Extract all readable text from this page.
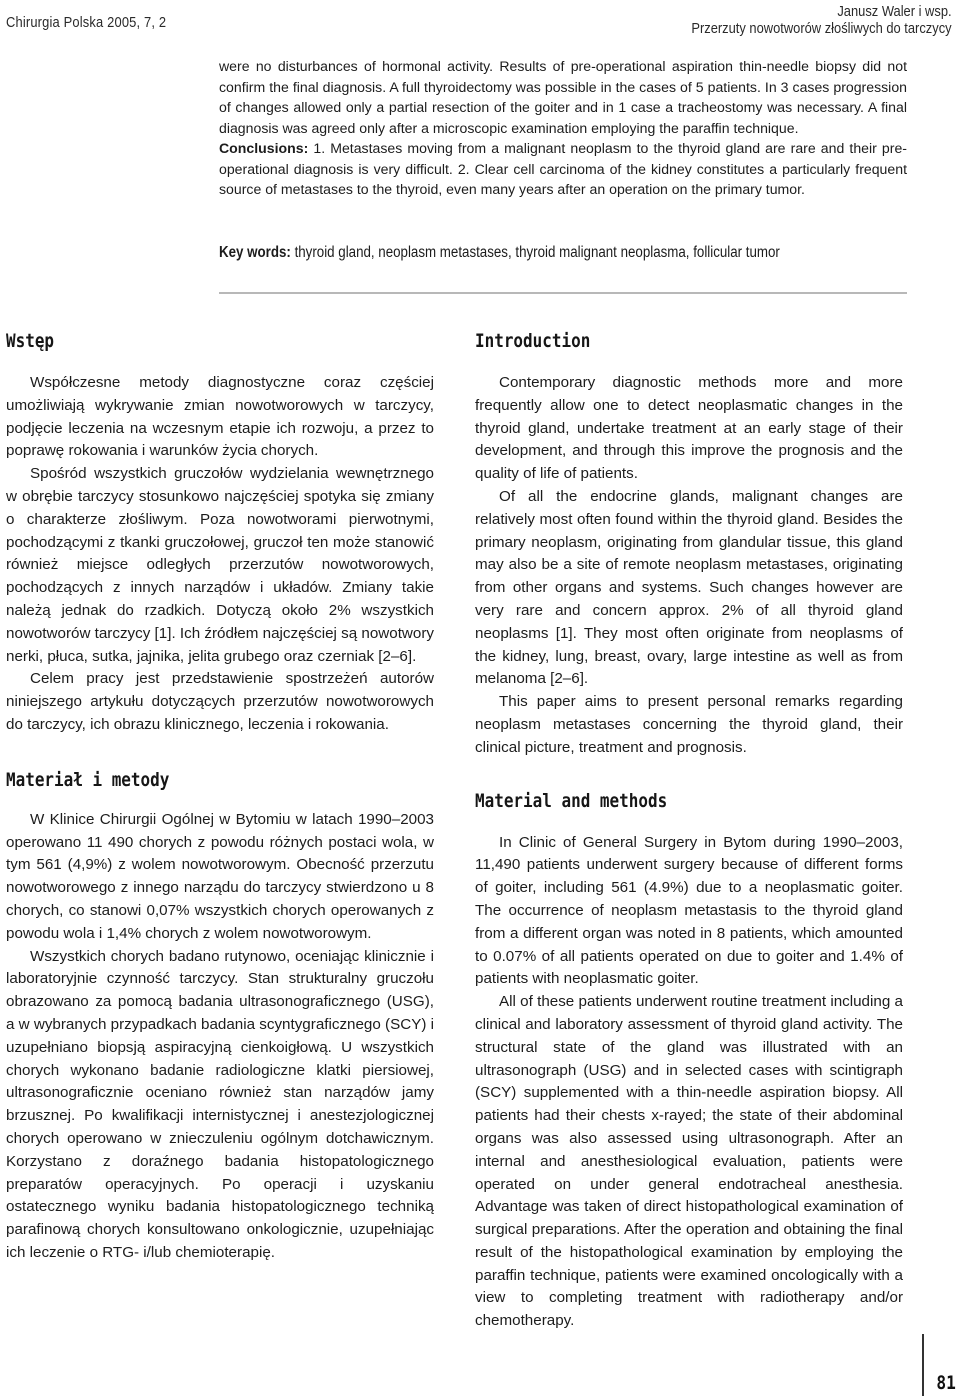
Chirurgia Polska 2005, 7, 2
Janusz Waler i wsp.
Przerzuty nowotworów złośliwych do tarczycy

were no disturbances of hormonal activity. Results of pre-operational aspiration thin-needle biopsy did not confirm the final diagnosis. A full thyroidectomy was possible in the cases of 5 patients. In 3 cases progression of changes allowed only a partial resection of the goiter and in 1 case a tracheostomy was necessary. A final diagnosis was agreed only after a microscopic examination employing the paraffin technique.

Conclusions: 1. Metastases moving from a malignant neoplasm to the thyroid gland are rare and their pre-operational diagnosis is very difficult. 2. Clear cell carcinoma of the kidney constitutes a particularly frequent source of metastases to the thyroid, even many years after an operation on the primary tumor.

Key words: thyroid gland, neoplasm metastases, thyroid malignant neoplasma, follicular tumor
Wstęp

Współczesne metody diagnostyczne coraz częściej umożliwiają wykrywanie zmian nowotworowych w tarczycy, podjęcie leczenia na wczesnym etapie ich rozwoju, a przez to poprawę rokowania i warunków życia chorych.

Spośród wszystkich gruczołów wydzielania wewnętrznego w obrębie tarczycy stosunkowo najczęściej spotyka się zmiany o charakterze złośliwym. Poza nowotworami pierwotnymi, pochodzącymi z tkanki gruczołowej, gruczoł ten może stanowić również miejsce odległych przerzutów nowotworowych, pochodzących z innych narządów i układów. Zmiany takie należą jednak do rzadkich. Dotyczą około 2% wszystkich nowotworów tarczycy [1]. Ich źródłem najczęściej są nowotwory nerki, płuca, sutka, jajnika, jelita grubego oraz czerniak [2–6].

Celem pracy jest przedstawienie spostrzeżeń autorów niniejszego artykułu dotyczących przerzutów nowotworowych do tarczycy, ich obrazu klinicznego, leczenia i rokowania.

Materiał i metody

W Klinice Chirurgii Ogólnej w Bytomiu w latach 1990–2003 operowano 11 490 chorych z powodu różnych postaci wola, w tym 561 (4,9%) z wolem nowotworowym. Obecność przerzutu nowotworowego z innego narządu do tarczycy stwierdzono u 8 chorych, co stanowi 0,07% wszystkich chorych operowanych z powodu wola i 1,4% chorych z wolem nowotworowym.

Wszystkich chorych badano rutynowo, oceniając klinicznie i laboratoryjnie czynność tarczycy. Stan strukturalny gruczołu obrazowano za pomocą badania ultrasonograficznego (USG), a w wybranych przypadkach badania scyntygraficznego (SCY) i uzupełniano biopsją aspiracyjną cienkoigłową. U wszystkich chorych wykonano badanie radiologiczne klatki piersiowej, ultrasonograficznie oceniano również stan narządów jamy brzusznej. Po kwalifikacji internistycznej i anestezjologicznej chorych operowano w znieczuleniu ogólnym dotchawicznym. Korzystano z doraźnego badania histopatologicznego preparatów operacyjnych. Po operacji i uzyskaniu ostatecznego wyniku badania histopatologicznego techniką parafinową chorych konsultowano onkologicznie, uzupełniając ich leczenie o RTG- i/lub chemioterapię.

Introduction

Contemporary diagnostic methods more and more frequently allow one to detect neoplasmatic changes in the thyroid gland, undertake treatment at an early stage of their development, and through this improve the prognosis and the quality of life of patients.

Of all the endocrine glands, malignant changes are relatively most often found within the thyroid gland. Besides the primary neoplasm, originating from glandular tissue, this gland may also be a site of remote neoplasm metastases, originating from other organs and systems. Such changes however are very rare and concern approx. 2% of all thyroid gland neoplasms [1]. They most often originate from neoplasms of the kidney, lung, breast, ovary, large intestine as well as from melanoma [2–6].

This paper aims to present personal remarks regarding neoplasm metastases concerning the thyroid gland, their clinical picture, treatment and prognosis.

Material and methods

In Clinic of General Surgery in Bytom during 1990–2003, 11,490 patients underwent surgery because of different forms of goiter, including 561 (4.9%) due to a neoplasmatic goiter. The occurrence of neoplasm metastasis to the thyroid gland from a different organ was noted in 8 patients, which amounted to 0.07% of all patients operated on due to goiter and 1.4% of patients with neoplasmatic goiter.

All of these patients underwent routine treatment including a clinical and laboratory assessment of thyroid gland activity. The structural state of the gland was illustrated with an ultrasonograph (USG) and in selected cases with scintigraph (SCY) supplemented with a thin-needle aspiration biopsy. All patients had their chests x-rayed; the state of their abdominal organs was also assessed using ultrasonograph. After an internal and anesthesiological evaluation, patients were operated on under general endotracheal anesthesia. Advantage was taken of direct histopathological examination of surgical preparations. After the operation and obtaining the final result of the histopathological examination by employing the paraffin technique, patients were examined oncologically with a view to completing treatment with radiotherapy and/or chemotherapy.

81
